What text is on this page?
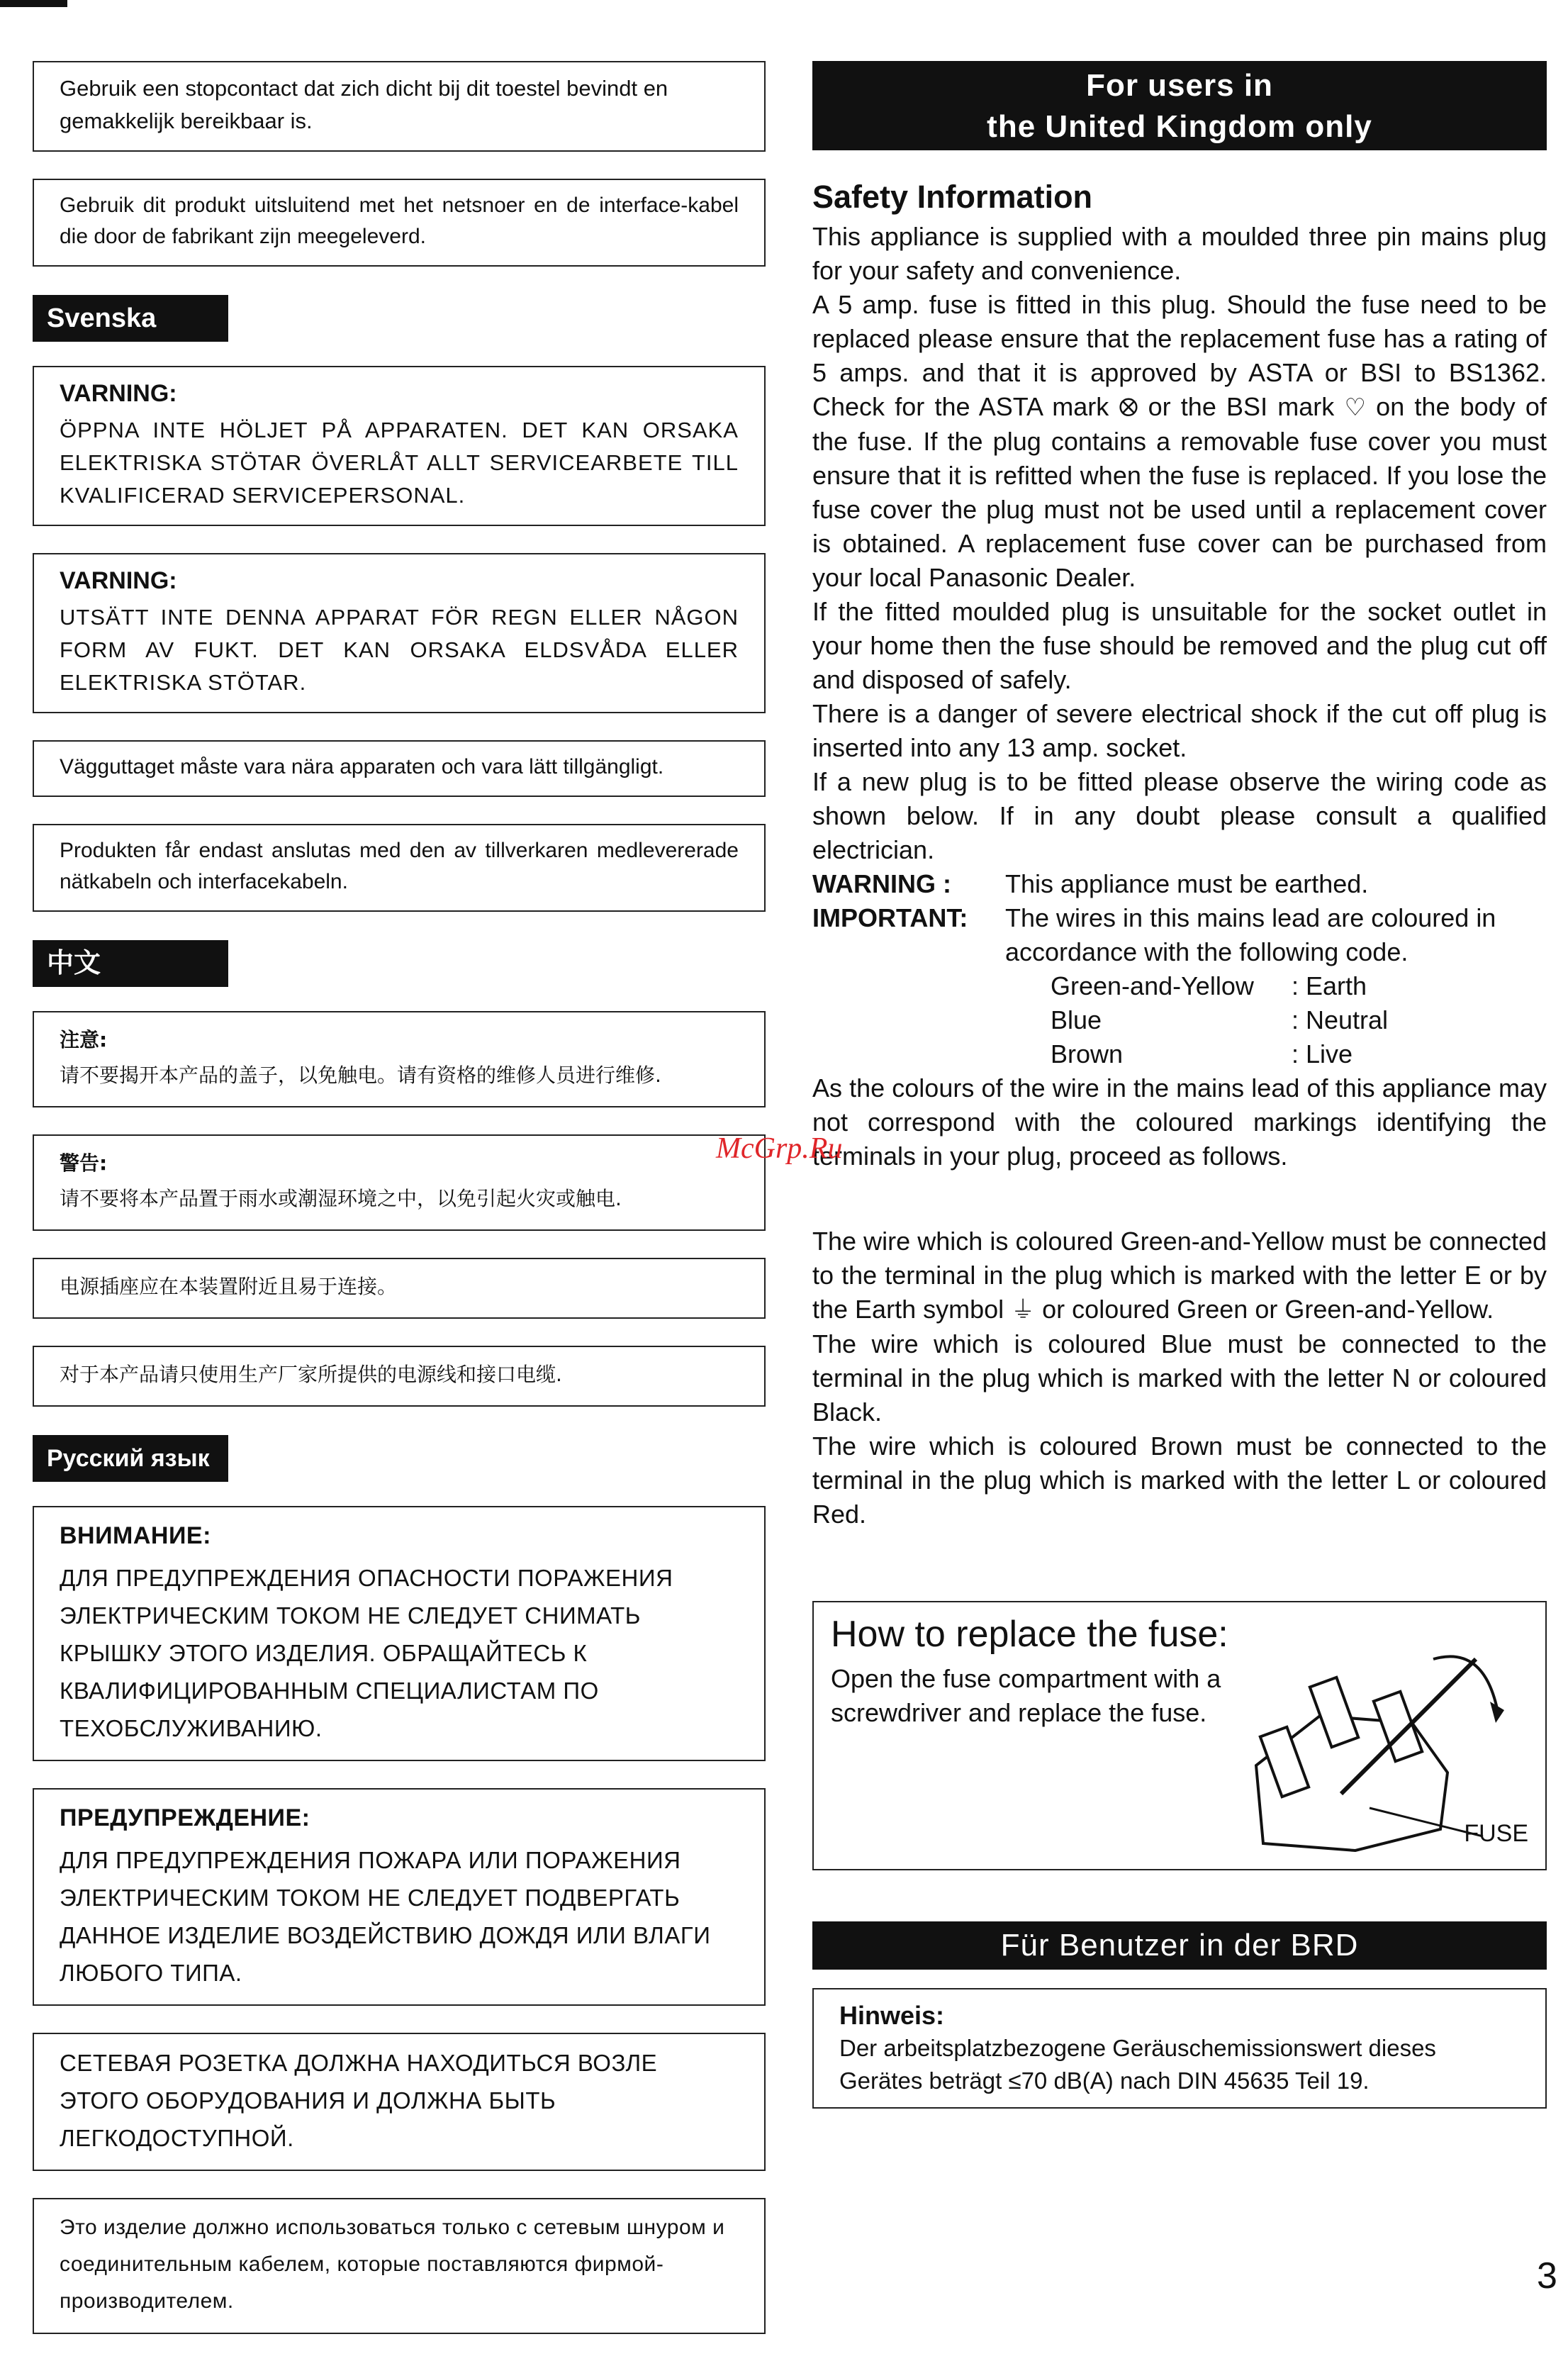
Gebruik een stopcontact dat zich dicht bij dit toestel bevindt en gemakkelijk bereikbaar is.
Gebruik dit produkt uitsluitend met het netsnoer en de interface-kabel die door de fabrikant zijn meegeleverd.
Svenska
VARNING:
ÖPPNA INTE HÖLJET PÅ APPARATEN. DET KAN ORSAKA ELEKTRISKA STÖTAR ÖVERLÅT ALLT SERVICEARBETE TILL KVALIFICERAD SERVICEPERSONAL.
VARNING:
UTSÄTT INTE DENNA APPARAT FÖR REGN ELLER NÅGON FORM AV FUKT. DET KAN ORSAKA ELDSVÅDA ELLER ELEKTRISKA STÖTAR.
Vägguttaget måste vara nära apparaten och vara lätt tillgängligt.
Produkten får endast anslutas med den av tillverkaren medlevererade nätkabeln och interfacekabeln.
中文
注意:
请不要揭开本产品的盖子，以免触电。请有资格的维修人员进行维修.
警告:
请不要将本产品置于雨水或潮湿环境之中，以免引起火灾或触电.
电源插座应在本装置附近且易于连接。
对于本产品请只使用生产厂家所提供的电源线和接口电缆.
Русский язык
ВНИМАНИЕ:
ДЛЯ ПРЕДУПРЕЖДЕНИЯ ОПАСНОСТИ ПОРАЖЕНИЯ ЭЛЕКТРИЧЕСКИМ ТОКОМ НЕ СЛЕДУЕТ СНИМАТЬ КРЫШКУ ЭТОГО ИЗДЕЛИЯ. ОБРАЩАЙТЕСЬ К КВАЛИФИЦИРОВАННЫМ СПЕЦИАЛИСТАМ ПО ТЕХОБСЛУЖИВАНИЮ.
ПРЕДУПРЕЖДЕНИЕ:
ДЛЯ ПРЕДУПРЕЖДЕНИЯ ПОЖАРА ИЛИ ПОРАЖЕНИЯ ЭЛЕКТРИЧЕСКИМ ТОКОМ НЕ СЛЕДУЕТ ПОДВЕРГАТЬ ДАННОЕ ИЗДЕЛИЕ ВОЗДЕЙСТВИЮ ДОЖДЯ ИЛИ ВЛАГИ ЛЮБОГО ТИПА.
СЕТЕВАЯ РОЗЕТКА ДОЛЖНА НАХОДИТЬСЯ ВОЗЛЕ ЭТОГО ОБОРУДОВАНИЯ И ДОЛЖНА БЫТЬ ЛЕГКОДОСТУПНОЙ.
Это изделие должно использоваться только с сетевым шнуром и соединительным кабелем, которые поставляются фирмой-производителем.
For users in
the United Kingdom only
Safety Information
This appliance is supplied with a moulded three pin mains plug for your safety and convenience.
A 5 amp. fuse is fitted in this plug. Should the fuse need to be replaced please ensure that the replacement fuse has a rating of 5 amps. and that it is approved by ASTA or BSI to BS1362. Check for the ASTA mark ⭙ or the BSI mark ♡ on the body of the fuse. If the plug contains a removable fuse cover you must ensure that it is refitted when the fuse is replaced. If you lose the fuse cover the plug must not be used until a replacement cover is obtained. A replacement fuse cover can be purchased from your local Panasonic Dealer.
If the fitted moulded plug is unsuitable for the socket outlet in your home then the fuse should be removed and the plug cut off and disposed of safely.
There is a danger of severe electrical shock if the cut off plug is inserted into any 13 amp. socket.
If a new plug is to be fitted please observe the wiring code as shown below. If in any doubt please consult a qualified electrician.
WARNING :	This appliance must be earthed.
IMPORTANT:	The wires in this mains lead are coloured in accordance with the following code.
Green-and-Yellow	: Earth
Blue	: Neutral
Brown	: Live
As the colours of the wire in the mains lead of this appliance may not correspond with the coloured markings identifying the terminals in your plug, proceed as follows.
The wire which is coloured Green-and-Yellow must be connected to the terminal in the plug which is marked with the letter E or by the Earth symbol ⏚ or coloured Green or Green-and-Yellow.
The wire which is coloured Blue must be connected to the terminal in the plug which is marked with the letter N or coloured Black.
The wire which is coloured Brown must be connected to the terminal in the plug which is marked with the letter L or coloured Red.
How to replace the fuse:
Open the fuse compartment with a screwdriver and replace the fuse.
FUSE
Für Benutzer in der BRD
Hinweis:
Der arbeitsplatzbezogene Geräuschemissionswert dieses Gerätes beträgt ≤70 dB(A) nach DIN 45635 Teil 19.
McGrp.Ru
3
